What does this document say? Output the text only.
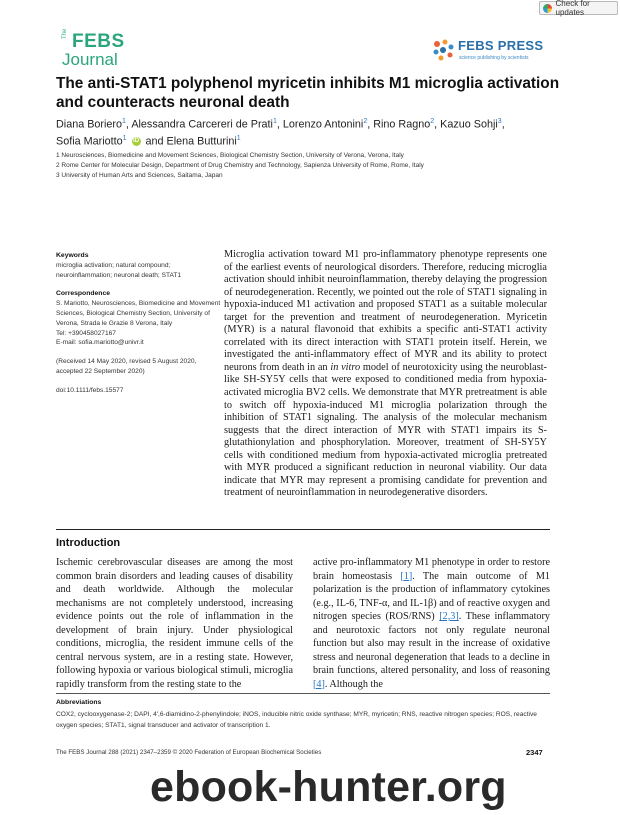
Check for updates
The FEBS
Journal
FEBS PRESS
science publishing by scientists
The anti-STAT1 polyphenol myricetin inhibits M1 microglia activation and counteracts neuronal death
Diana Boriero$^1$, Alessandra Carcereri de Prati$^1$, Lorenzo Antonini$^2$, Rino Ragno$^2$, Kazuo Sohji$^3$,
Sofia Mariotto$^1$ iD and Elena Butturini$^1$
1 Neurosciences, Biomedicine and Movement Sciences, Biological Chemistry Section, University of Verona, Verona, Italy
2 Rome Center for Molecular Design, Department of Drug Chemistry and Technology, Sapienza University of Rome, Rome, Italy
3 University of Human Arts and Sciences, Saitama, Japan
Keywords
microglia activation; natural compound; neuroinflammation; neuronal death; STAT1
Correspondence
S. Mariotto, Neurosciences, Biomedicine and Movement Sciences, Biological Chemistry Section, University of Verona, Strada le Grazie 8 Verona, Italy
Tel: +390458027167
E-mail: sofia.mariotto@univr.it
(Received 14 May 2020, revised 5 August 2020, accepted 22 September 2020)
doi:10.1111/febs.15577
Microglia activation toward M1 pro-inflammatory phenotype represents one of the earliest events of neurological disorders. Therefore, reducing microglia activation should inhibit neuroinflammation, thereby delaying the progression of neurodegeneration. Recently, we pointed out the role of STAT1 signaling in hypoxia-induced M1 activation and proposed STAT1 as a suitable molecular target for the prevention and treatment of neurodegeneration. Myricetin (MYR) is a natural flavonoid that exhibits a specific anti-STAT1 activity correlated with its direct interaction with STAT1 protein itself. Herein, we investigated the anti-inflammatory effect of MYR and its ability to protect neurons from death in an in vitro model of neurotoxicity using the neuroblast-like SH-SY5Y cells that were exposed to conditioned media from hypoxia-activated microglia BV2 cells. We demonstrate that MYR pretreatment is able to switch off hypoxia-induced M1 microglia polarization through the inhibition of STAT1 signaling. The analysis of the molecular mechanism suggests that the direct interaction of MYR with STAT1 impairs its S-glutathionylation and phosphorylation. Moreover, treatment of SH-SY5Y cells with conditioned medium from hypoxia-activated microglia pretreated with MYR produced a significant reduction in neuronal viability. Our data indicate that MYR may represent a promising candidate for prevention and treatment of neuroinflammation in neurodegenerative disorders.
Introduction
Ischemic cerebrovascular diseases are among the most common brain disorders and leading causes of disability and death worldwide. Although the molecular mechanisms are not completely understood, increasing evidence points out the role of inflammation in the development of brain injury. Under physiological conditions, microglia, the resident immune cells of the central nervous system, are in a resting state. However, following hypoxia or various biological stimuli, microglia rapidly transform from the resting state to the
active pro-inflammatory M1 phenotype in order to restore brain homeostasis [1]. The main outcome of M1 polarization is the production of inflammatory cytokines (e.g., IL-6, TNF-α, and IL-1β) and of reactive oxygen and nitrogen species (ROS/RNS) [2,3]. These inflammatory and neurotoxic factors not only regulate neuronal function but also may result in the increase of oxidative stress and neuronal degeneration that leads to a decline in brain functions, altered personality, and loss of reasoning [4]. Although the
Abbreviations
COX2, cyclooxygenase-2; DAPI, 4′,6-diamidino-2-phenylindole; iNOS, inducible nitric oxide synthase; MYR, myricetin; RNS, reactive nitrogen species; ROS, reactive oxygen species; STAT1, signal transducer and activator of transcription 1.
The FEBS Journal 288 (2021) 2347–2359 © 2020 Federation of European Biochemical Societies	2347
ebook-hunter.org
